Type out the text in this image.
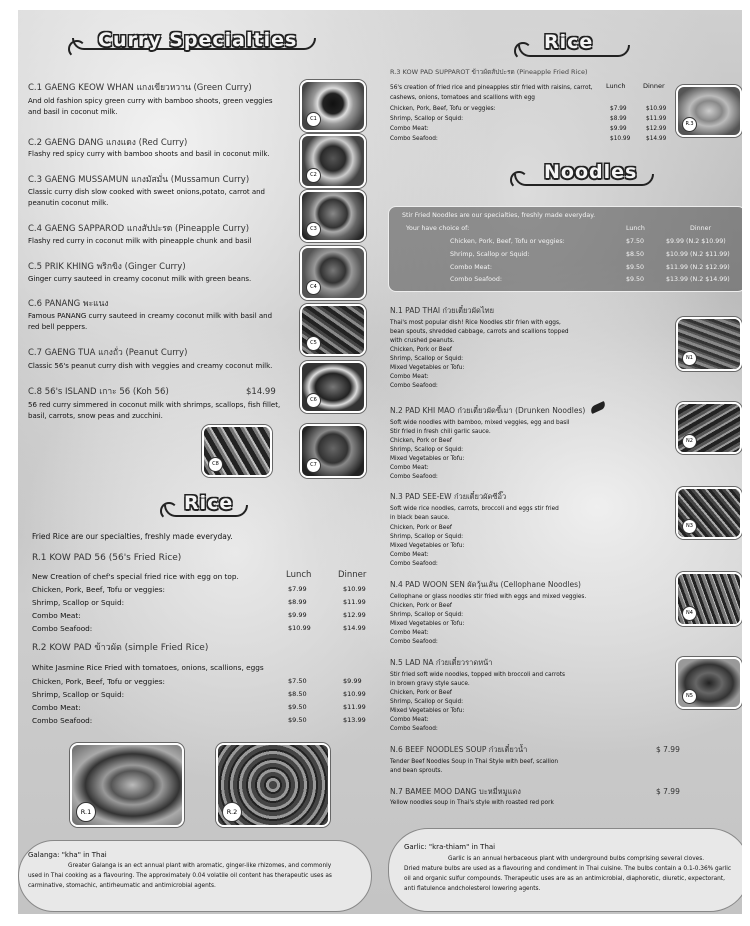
Curry Specialties
C.1 GAENG KEOW WHAN แกงเขียวหวาน (Green Curry)
And old fashion spicy green curry with bamboo shoots, green veggies and basil in coconut milk.
C.2 GAENG DANG แกงแดง (Red Curry)
Flashy red spicy curry with bamboo shoots and basil in coconut milk.
C.3 GAENG MUSSAMUN แกงมัสมั่น (Mussamun Curry)
Classic curry dish slow cooked with sweet onions,potato, carrot and peanutin coconut milk.
C.4 GAENG SAPPAROD แกงสัปปะรด (Pineapple Curry)
Flashy red curry in coconut milk with pineapple chunk and basil
C.5 PRIK KHING พริกขิง (Ginger Curry)
Ginger curry sauteed in creamy coconut milk with green beans.
C.6 PANANG พะแนง
Famous PANANG curry sauteed in creamy coconut milk with basil and red bell peppers.
C.7 GAENG TUA แกงถั่ว (Peanut Curry)
Classic 56's peanut curry dish with veggies and creamy coconut milk.
C.8 56's ISLAND เกาะ 56 (Koh 56)	$14.99
56 red curry simmered in coconut milk with shrimps, scallops, fish fillet, basil, carrots, snow peas and zucchini.
C1
C2
C3
C4
C5
C6
C7
C8
Rice
Fried Rice are our specialties, freshly made everyday.
R.1 KOW PAD 56 (56's Fried Rice)
New Creation of chef's special fried rice with egg on top.	Lunch	Dinner
Chicken, Pork, Beef, Tofu or veggies:	$7.99	$10.99
Shrimp, Scallop or Squid:	$8.99	$11.99
Combo Meat:	$9.99	$12.99
Combo Seafood:	$10.99	$14.99
R.2 KOW PAD ข้าวผัด (simple Fried Rice)
White Jasmine Rice Fried with tomatoes, onions, scallions, eggs
Chicken, Pork, Beef, Tofu or veggies:	$7.50	$9.99
Shrimp, Scallop or Squid:	$8.50	$10.99
Combo Meat:	$9.50	$11.99
Combo Seafood:	$9.50	$13.99
R.1	R.2
Galanga: "kha" in Thai
Greater Galanga is an ect annual plant with aromatic, ginger-like rhizomes, and commonly
used in Thai cooking as a flavouring. The approximately 0.04 volatile oil content has therapeutic uses as
carminative, stomachic, antirheumatic and antimicrobial agents.
Rice
R.3 KOW PAD SUPPAROT ข้าวผัดสัปปะรด (Pineapple Fried Rice)
Lunch	Dinner
56's creation of fried rice and pineapples stir fried with raisins, carrot, cashews, onions, tomatoes and scallions with egg
Chicken, Pork, Beef, Tofu or veggies:	$7.99	$10.99
Shrimp, Scallop or Squid:	$8.99	$11.99
Combo Meat:	$9.99	$12.99
Combo Seafood:	$10.99	$14.99
R.3
Noodles
Stir Fried Noodles are our specialties, freshly made everyday.
Your have choice of:	Lunch	Dinner
Chicken, Pork, Beef, Tofu or veggies:	$7.50	$9.99 (N.2 $10.99)
Shrimp, Scallop or Squid:	$8.50	$10.99 (N.2 $11.99)
Combo Meat:	$9.50	$11.99 (N.2 $12.99)
Combo Seafood:	$9.50	$13.99 (N.2 $14.99)
N.1 PAD THAI ก๋วยเตี๋ยวผัดไทย
Thai's most popular dish! Rice Noodles stir frien with eggs,
bean spouts, shredded cabbage, carrots and scallions topped
with crushed peanuts.
Chicken, Pork or Beef
Shrimp, Scallop or Squid:
Mixed Vegetables or Tofu:
Combo Meat:
Combo Seafood:
N.2 PAD KHI MAO ก๋วยเตี๋ยวผัดขี้เมา (Drunken Noodles)
Soft wide noodles with bamboo, mixed veggies, egg and basil
Stir fried in fresh chili garlic sauce.
Chicken, Pork or Beef
Shrimp, Scallop or Squid:
Mixed Vegetables or Tofu:
Combo Meat:
Combo Seafood:
N.3 PAD SEE-EW ก๋วยเตี๋ยวผัดซีอิ๊ว
Soft wide rice noodles, carrots, broccoli and eggs stir fried
in black bean sauce.
Chicken, Pork or Beef
Shrimp, Scallop or Squid:
Mixed Vegetables or Tofu:
Combo Meat:
Combo Seafood:
N.4 PAD WOON SEN ผัดวุ้นเส้น (Cellophane Noodles)
Cellophane or glass noodles stir fried with eggs and mixed veggies.
Chicken, Pork or Beef
Shrimp, Scallop or Squid:
Mixed Vegetables or Tofu:
Combo Meat:
Combo Seafood:
N.5 LAD NA ก๋วยเตี๋ยวราดหน้า
Stir fried soft wide noodles, topped with broccoli and carrots
in brown gravy style sauce.
Chicken, Pork or Beef
Shrimp, Scallop or Squid:
Mixed Vegetables or Tofu:
Combo Meat:
Combo Seafood:
N1
N2
N3
N4
N5
N.6 BEEF NOODLES SOUP ก๋วยเตี๋ยวน้ำ	$ 7.99
Tender Beef Noodles Soup in Thai Style with beef, scallion
and bean sprouts.
N.7 BAMEE MOO DANG บะหมี่หมูแดง	$ 7.99
Yellow noodles soup in Thai's style with roasted red pork
Garlic: "kra-thiam" in Thai
Garlic is an annual herbaceous plant with underground bulbs comprising several cloves.
Dried mature bulbs are used as a flavouring and condiment in Thai cuisine. The bulbs contain a 0.1-0.36% garlic
oil and organic sulfur compounds. Therapeutic uses are as an antimicrobial, diaphoretic, diuretic, expectorant,
anti flatulence andcholesterol lowering agents.
